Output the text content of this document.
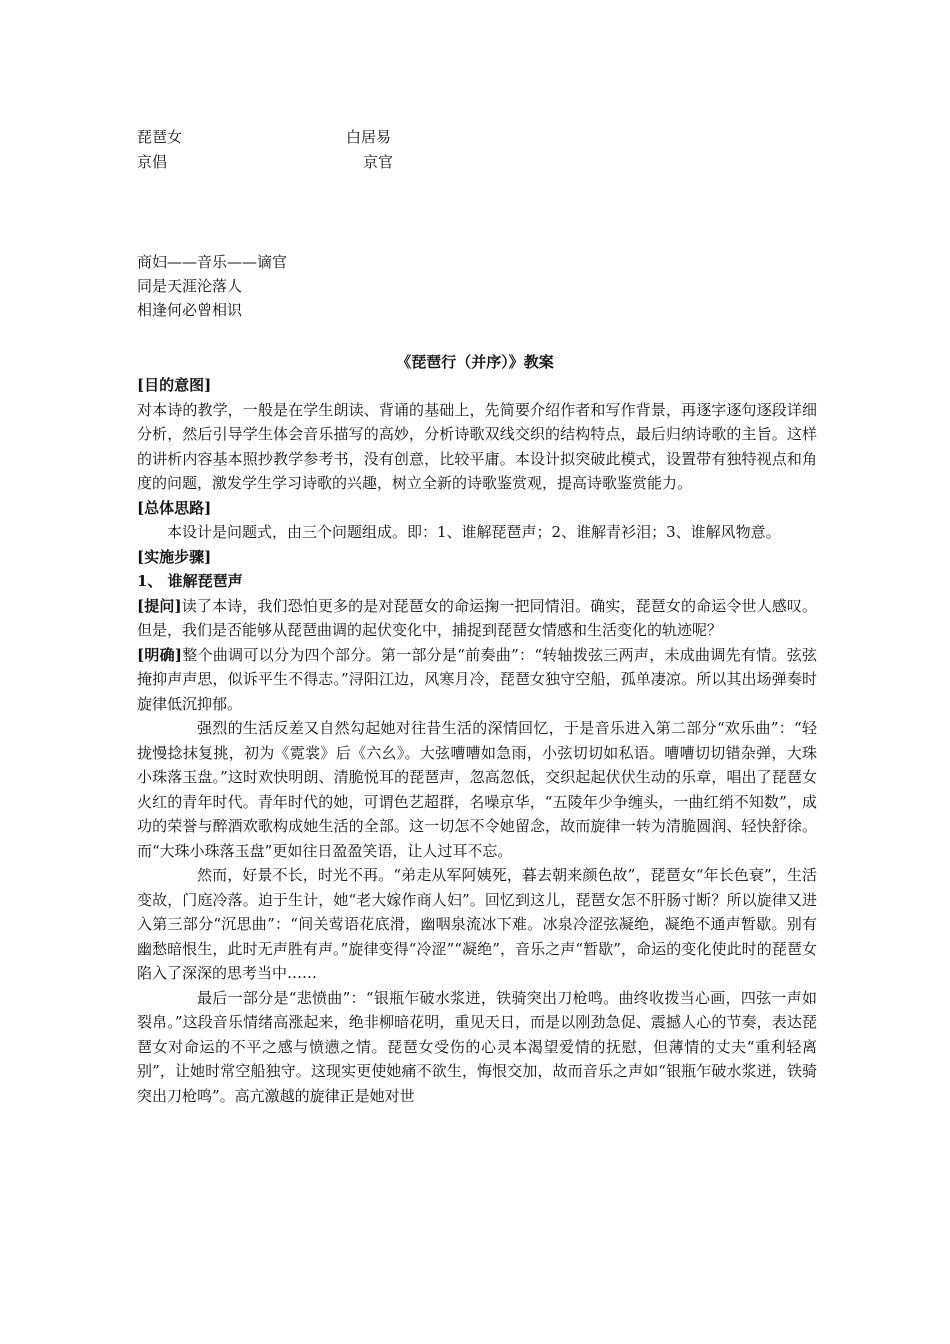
琵琶女	白居易
京倡	京官
商妇——音乐——谪官
同是天涯沦落人
相逢何必曾相识
《琵琶行（并序）》教案

[目的意图]

对本诗的教学，一般是在学生朗读、背诵的基础上，先简要介绍作者和写作背景，再逐字逐句逐段详细分析，然后引导学生体会音乐描写的高妙，分析诗歌双线交织的结构特点，最后归纳诗歌的主旨。这样的讲析内容基本照抄教学参考书，没有创意，比较平庸。本设计拟突破此模式，设置带有独特视点和角度的问题，激发学生学习诗歌的兴趣，树立全新的诗歌鉴赏观，提高诗歌鉴赏能力。

[总体思路]

本设计是问题式，由三个问题组成。即：1、谁解琵琶声；2、谁解青衫泪；3、谁解风物意。

[实施步骤]

1、 谁解琵琶声

[提问]读了本诗，我们恐怕更多的是对琵琶女的命运掬一把同情泪。确实，琵琶女的命运令世人感叹。但是，我们是否能够从琵琶曲调的起伏变化中，捕捉到琵琶女情感和生活变化的轨迹呢？

[明确]整个曲调可以分为四个部分。第一部分是“前奏曲”：“转轴拨弦三两声，未成曲调先有情。弦弦掩抑声声思，似诉平生不得志。”浔阳江边，风寒月冷，琵琶女独守空船，孤单凄凉。所以其出场弹奏时旋律低沉抑郁。

强烈的生活反差又自然勾起她对往昔生活的深情回忆，于是音乐进入第二部分“欢乐曲”：“轻拢慢捻抹复挑，初为《霓裳》后《六幺》。大弦嘈嘈如急雨，小弦切切如私语。嘈嘈切切错杂弹，大珠小珠落玉盘。”这时欢快明朗、清脆悦耳的琵琶声，忽高忽低，交织起起伏伏生动的乐章，唱出了琵琶女火红的青年时代。青年时代的她，可谓色艺超群，名噪京华，“五陵年少争缠头，一曲红绡不知数”，成功的荣誉与醉酒欢歌构成她生活的全部。这一切怎不令她留念，故而旋律一转为清脆圆润、轻快舒徐。而“大珠小珠落玉盘”更如往日盈盈笑语，让人过耳不忘。

然而，好景不长，时光不再。“弟走从军阿姨死，暮去朝来颜色故”，琵琶女“年长色衰”，生活变故，门庭冷落。迫于生计，她“老大嫁作商人妇”。回忆到这儿，琵琶女怎不肝肠寸断？所以旋律又进入第三部分“沉思曲”：“间关莺语花底滑，幽咽泉流冰下难。冰泉冷涩弦凝绝，凝绝不通声暂歇。别有幽愁暗恨生，此时无声胜有声。”旋律变得“冷涩”“凝绝”，音乐之声“暂歇”，命运的变化使此时的琵琶女陷入了深深的思考当中……

最后一部分是“悲愤曲”：“银瓶乍破水浆迸，铁骑突出刀枪鸣。曲终收拨当心画，四弦一声如裂帛。”这段音乐情绪高涨起来，绝非柳暗花明，重见天日，而是以刚劲急促、震撼人心的节奏，表达琵琶女对命运的不平之感与愤懑之情。琵琶女受伤的心灵本渴望爱情的抚慰，但薄情的丈夫“重利轻离别”，让她时常空船独守。这现实更使她痛不欲生，悔恨交加，故而音乐之声如“银瓶乍破水浆迸，铁骑突出刀枪鸣”。高亢激越的旋律正是她对世
